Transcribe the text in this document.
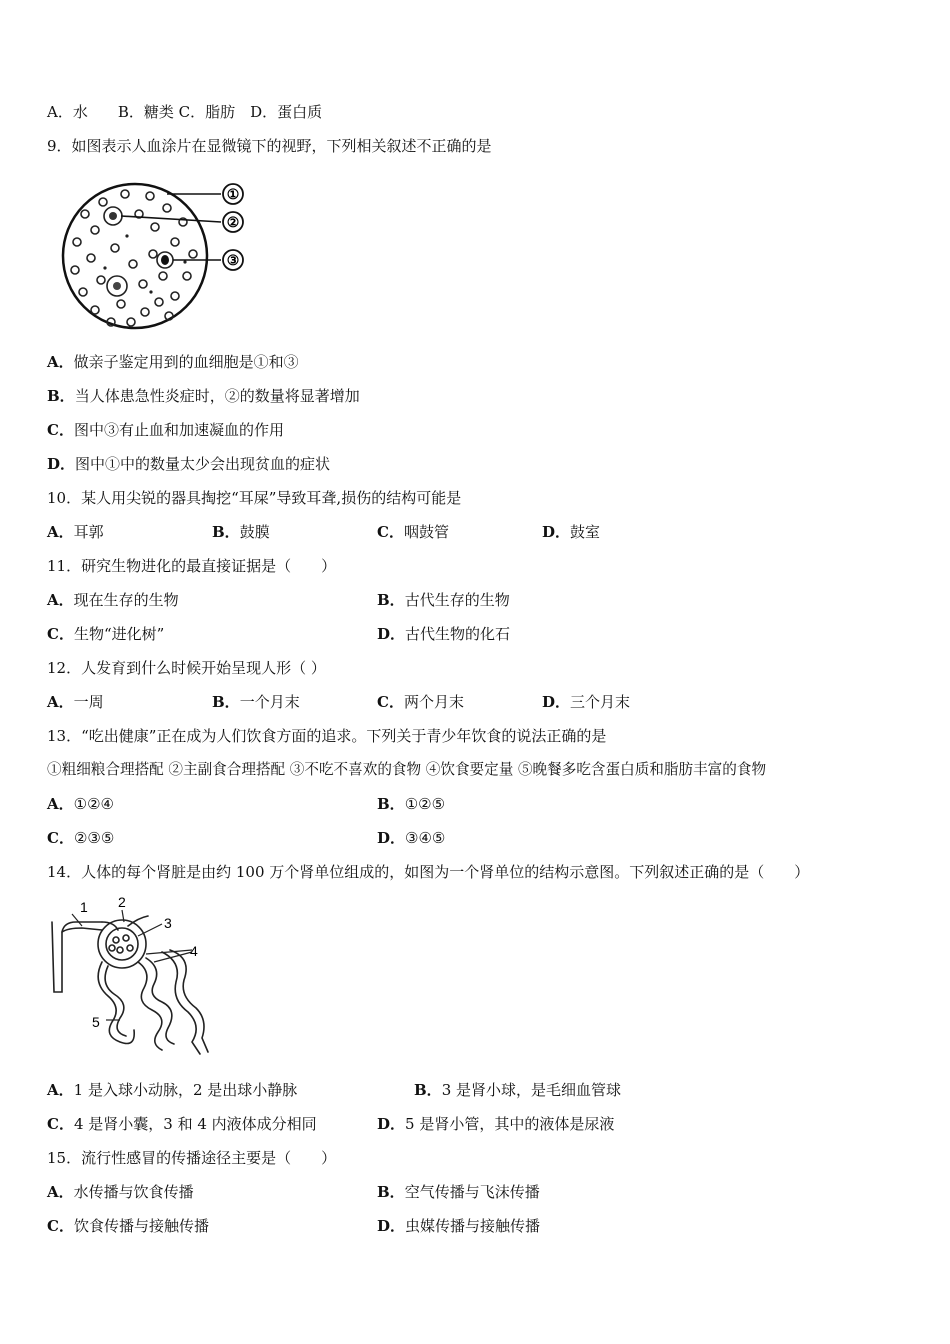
A．水　　B．糖类 C．脂肪　D．蛋白质
9．如图表示人血涂片在显微镜下的视野，下列相关叙述不正确的是
①
②
③
A．做亲子鉴定用到的血细胞是①和③
B．当人体患急性炎症时，②的数量将显著增加
C．图中③有止血和加速凝血的作用
D．图中①中的数量太少会出现贫血的症状
10．某人用尖锐的器具掏挖“耳屎”导致耳聋,损伤的结构可能是
A．耳郭	B．鼓膜	C．咽鼓管	D．鼓室
11．研究生物进化的最直接证据是（　　）
A．现在生存的生物	B．古代生存的生物
C．生物“进化树”	D．古代生物的化石
12．人发育到什么时候开始呈现人形（ ）
A．一周	B．一个月末	C．两个月末	D．三个月末
13．“吃出健康”正在成为人们饮食方面的追求。下列关于青少年饮食的说法正确的是
①粗细粮合理搭配 ②主副食合理搭配 ③不吃不喜欢的食物 ④饮食要定量 ⑤晚餐多吃含蛋白质和脂肪丰富的食物
A．①②④	B．①②⑤
C．②③⑤	D．③④⑤
14．人体的每个肾脏是由约 100 万个肾单位组成的，如图为一个肾单位的结构示意图。下列叙述正确的是（　　）
1 2
3
4
5
A．1 是入球小动脉，2 是出球小静脉	B．3 是肾小球，是毛细血管球
C．4 是肾小囊，3 和 4 内液体成分相同	D．5 是肾小管，其中的液体是尿液
15．流行性感冒的传播途径主要是（　　）
A．水传播与饮食传播	B．空气传播与飞沫传播
C．饮食传播与接触传播	D．虫媒传播与接触传播
